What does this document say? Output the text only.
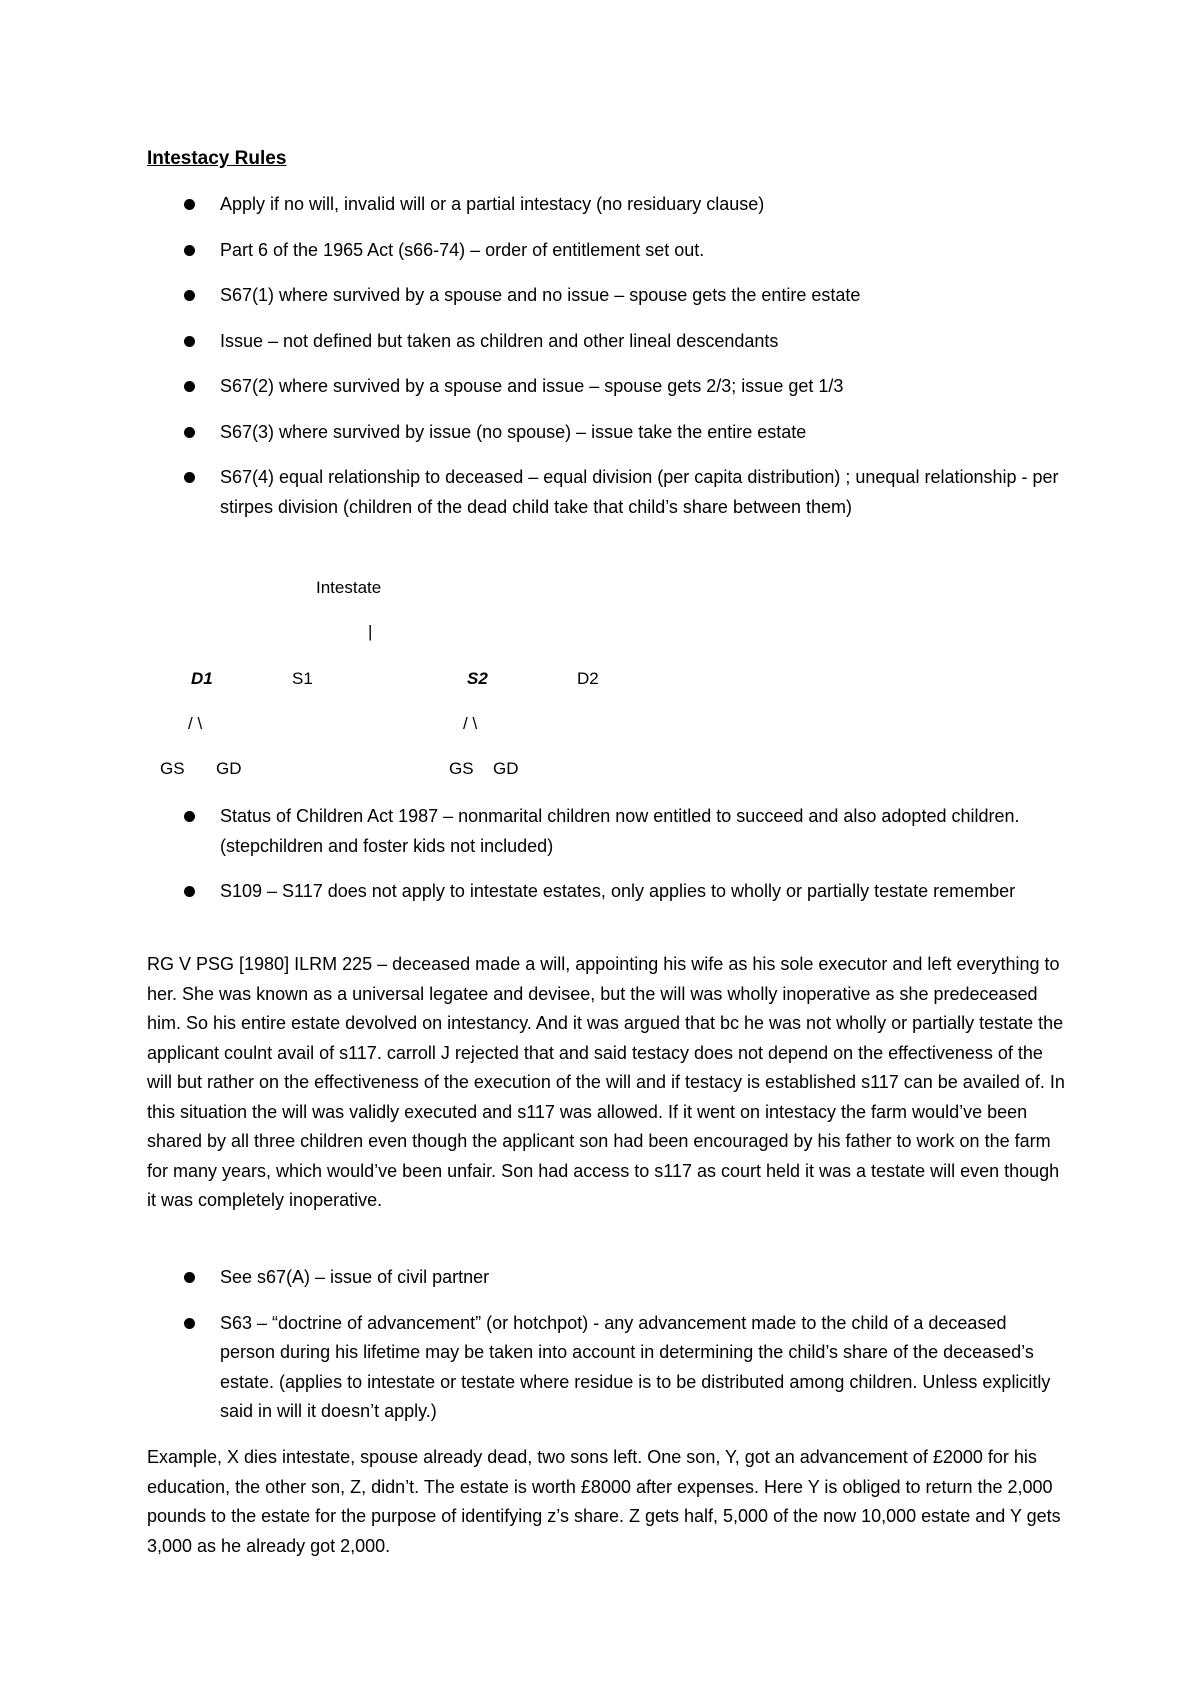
Intestacy Rules
Apply if no will, invalid will or a partial intestacy (no residuary clause)
Part 6 of the 1965 Act (s66-74) – order of entitlement set out.
S67(1) where survived by a spouse and no issue – spouse gets the entire estate
Issue – not defined but taken as children and other lineal descendants
S67(2) where survived by a spouse and issue – spouse gets 2/3; issue get 1/3
S67(3) where survived by issue (no spouse) – issue take the entire estate
S67(4) equal relationship to deceased – equal division (per capita distribution) ; unequal relationship - per stirpes division (children of the dead child take that child’s share between them)
Intestate
|
D1	S1	S2	D2
/ \	/ \
GS GD	GS GD
Status of Children Act 1987 – nonmarital children now entitled to succeed and also adopted children. (stepchildren and foster kids not included)
S109 – S117 does not apply to intestate estates, only applies to wholly or partially testate remember

RG V PSG [1980] ILRM 225 – deceased made a will, appointing his wife as his sole executor and left everything to her. She was known as a universal legatee and devisee, but the will was wholly inoperative as she predeceased him. So his entire estate devolved on intestancy. And it was argued that bc he was not wholly or partially testate the applicant coulnt avail of s117. carroll J rejected that and said testacy does not depend on the effectiveness of the will but rather on the effectiveness of the execution of the will and if testacy is established s117 can be availed of. In this situation the will was validly executed and s117 was allowed. If it went on intestacy the farm would’ve been shared by all three children even though the applicant son had been encouraged by his father to work on the farm for many years, which would’ve been unfair. Son had access to s117 as court held it was a testate will even though it was completely inoperative.

See s67(A) – issue of civil partner
S63 – “doctrine of advancement” (or hotchpot) - any advancement made to the child of a deceased person during his lifetime may be taken into account in determining the child’s share of the deceased’s estate. (applies to intestate or testate where residue is to be distributed among children. Unless explicitly said in will it doesn’t apply.)

Example, X dies intestate, spouse already dead, two sons left. One son, Y, got an advancement of £2000 for his education, the other son, Z, didn’t. The estate is worth £8000 after expenses. Here Y is obliged to return the 2,000 pounds to the estate for the purpose of identifying z’s share. Z gets half, 5,000 of the now 10,000 estate and Y gets 3,000 as he already got 2,000.
